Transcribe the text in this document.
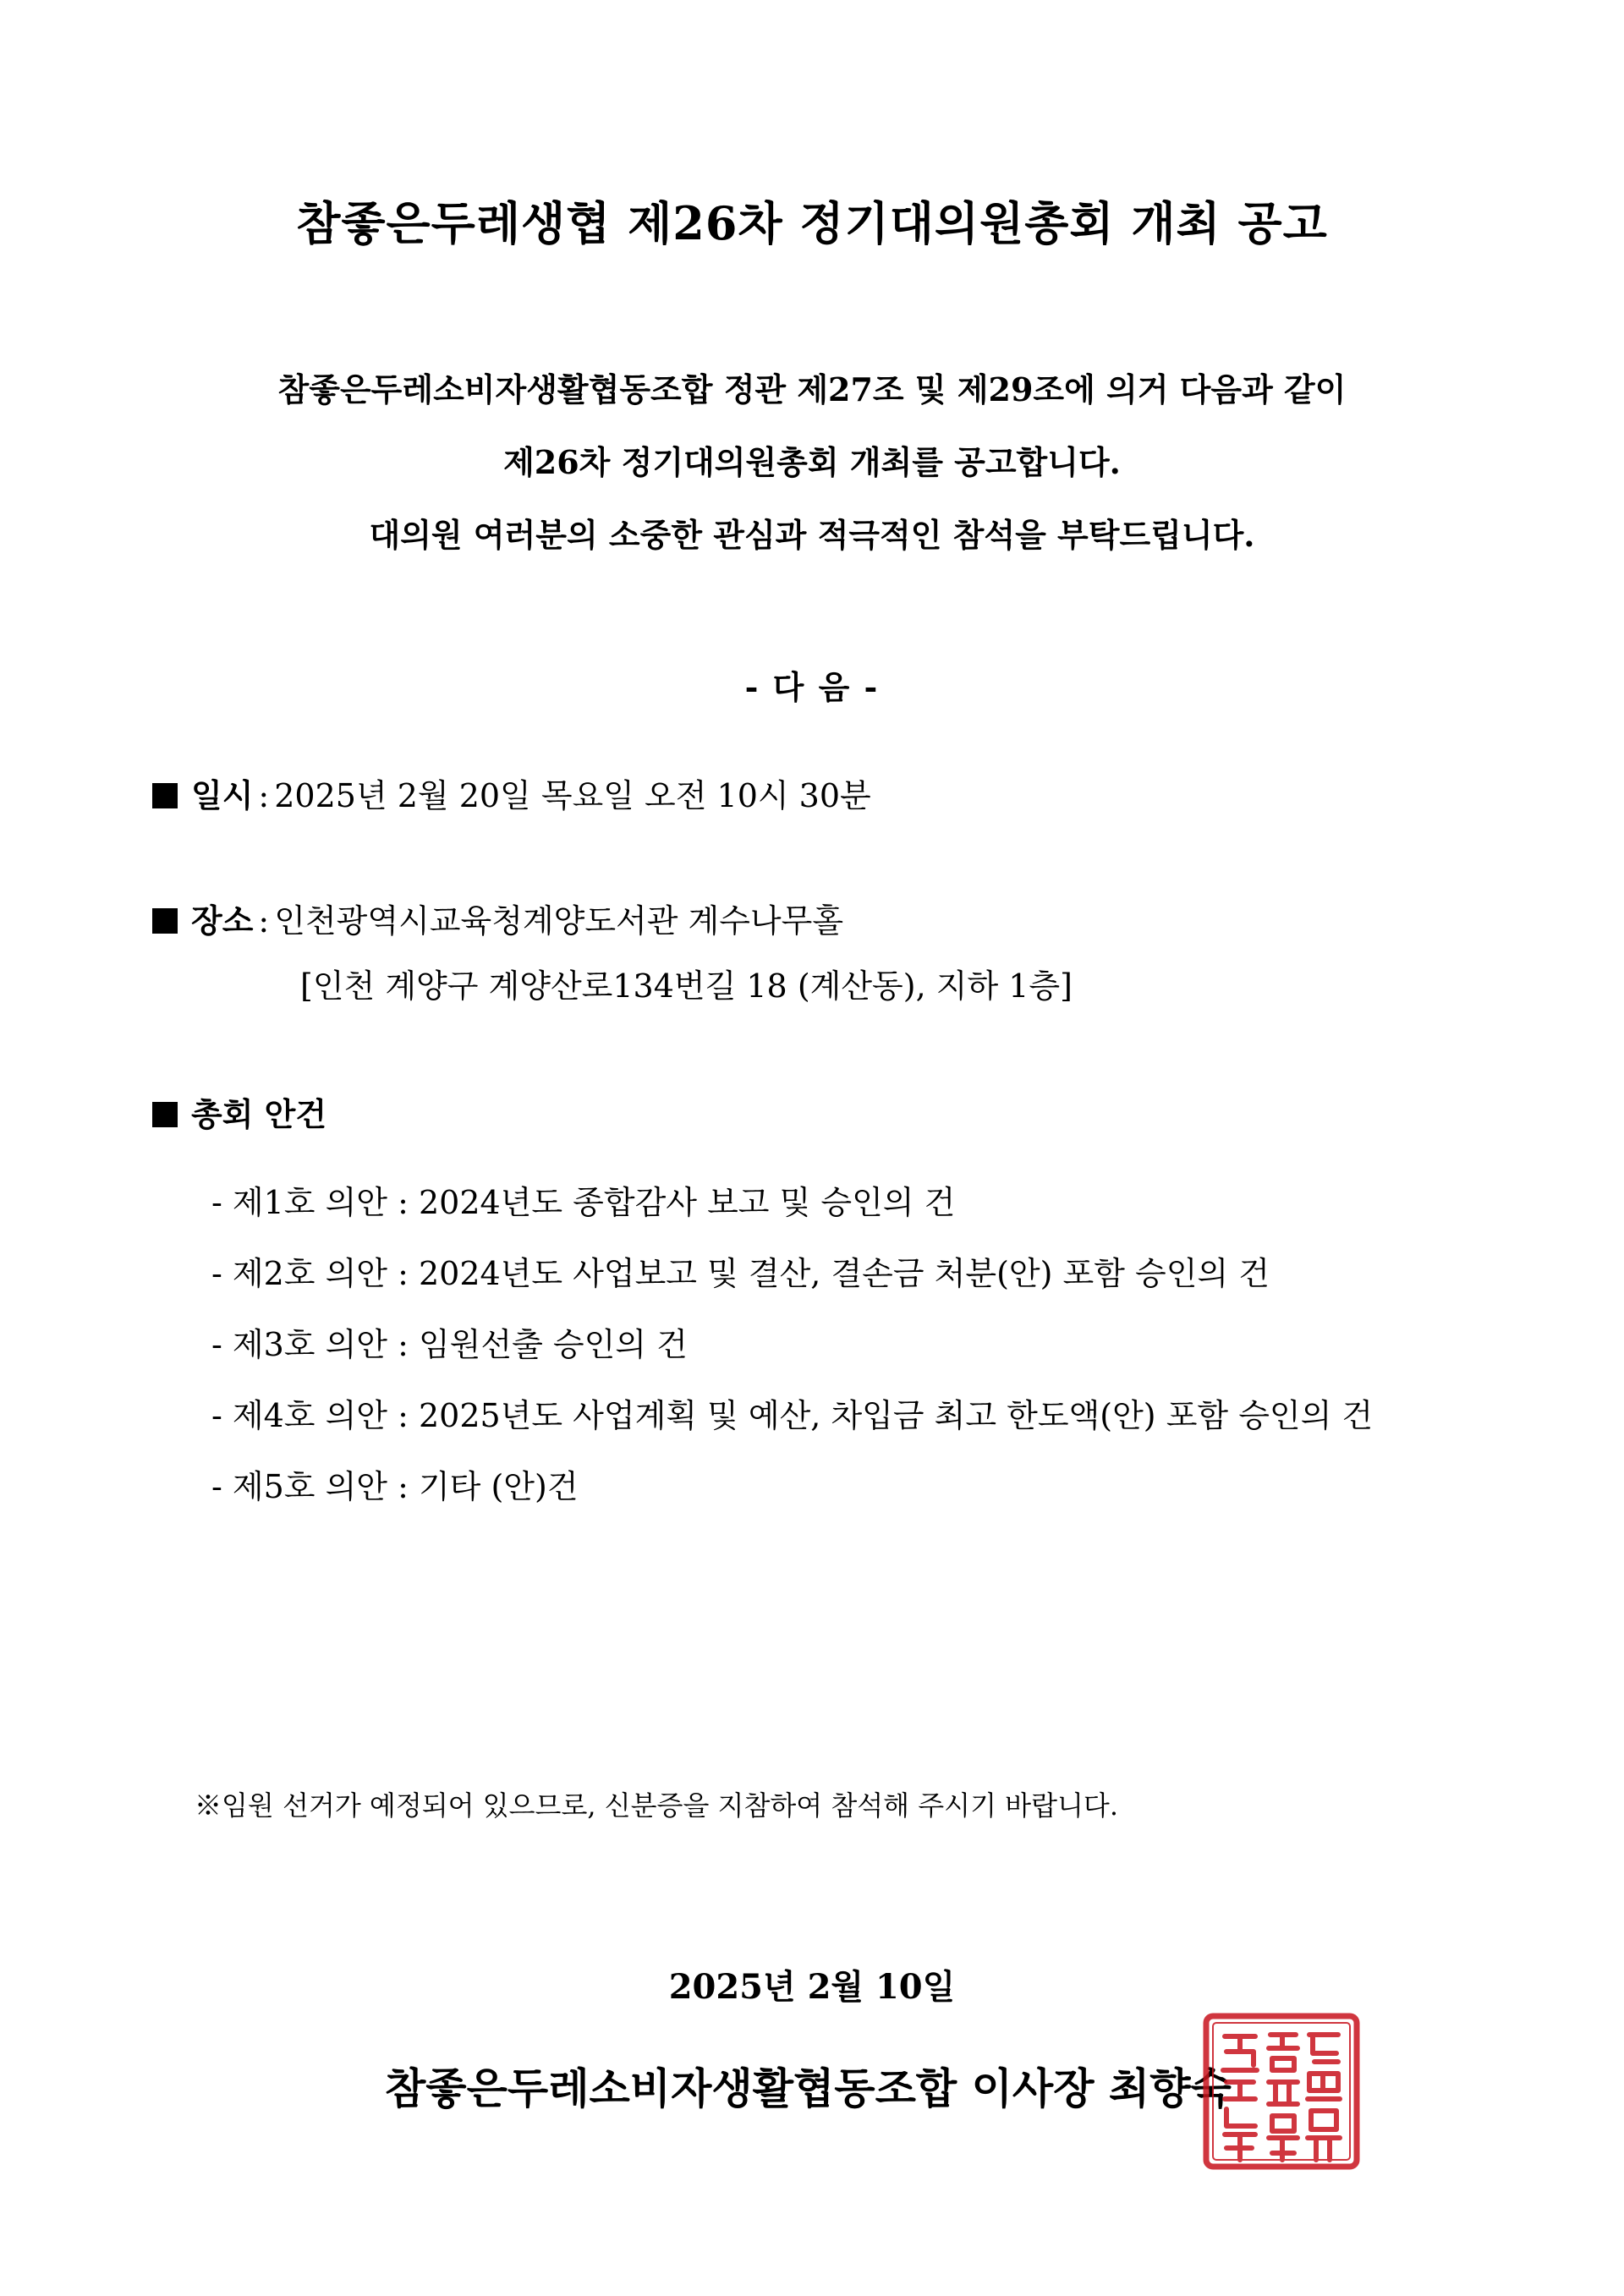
참좋은두레생협 제26차 정기대의원총회 개최 공고
참좋은두레소비자생활협동조합 정관 제27조 및 제29조에 의거 다음과 같이
제26차 정기대의원총회 개최를 공고합니다.
대의원 여러분의 소중한 관심과 적극적인 참석을 부탁드립니다.
- 다 음 -
일시 : 2025년 2월 20일 목요일 오전 10시 30분
장소 : 인천광역시교육청계양도서관 계수나무홀
[인천 계양구 계양산로134번길 18 (계산동), 지하 1층]
총회 안건
- 제1호 의안 : 2024년도 종합감사 보고 및 승인의 건
- 제2호 의안 : 2024년도 사업보고 및 결산, 결손금 처분(안) 포함 승인의 건
- 제3호 의안 : 임원선출 승인의 건
- 제4호 의안 : 2025년도 사업계획 및 예산, 차입금 최고 한도액(안) 포함 승인의 건
- 제5호 의안 : 기타 (안)건
※임원 선거가 예정되어 있으므로, 신분증을 지참하여 참석해 주시기 바랍니다.
2025년 2월 10일
참좋은두레소비자생활협동조합 이사장 최향숙
